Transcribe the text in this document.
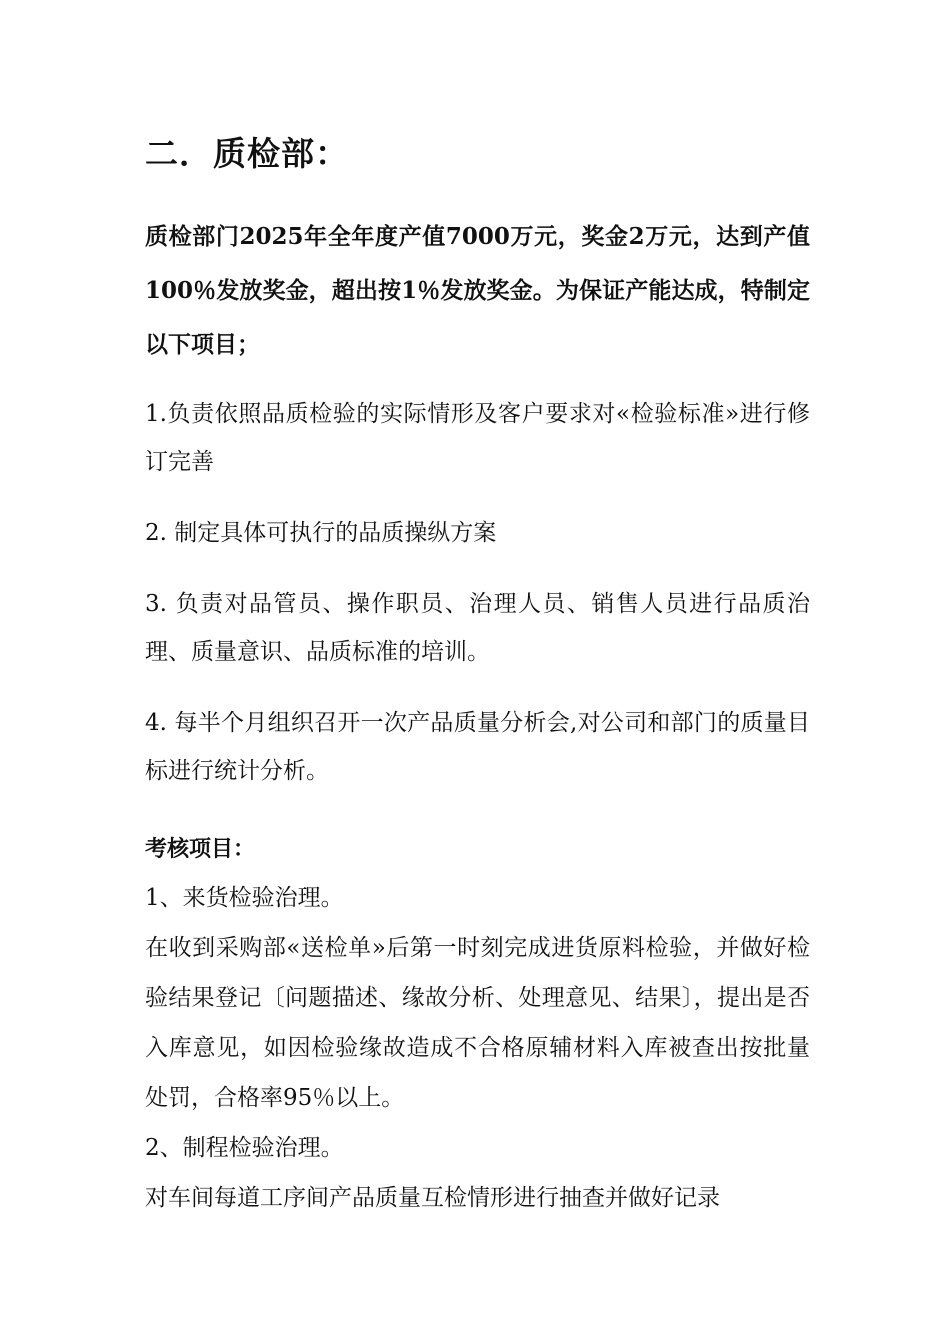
二．质检部：

质检部门2025年全年度产值7000万元，奖金2万元，达到产值100％发放奖金，超出按1％发放奖金。为保证产能达成，特制定以下项目；

1.负责依照品质检验的实际情形及客户要求对«检验标准»进行修订完善

2. 制定具体可执行的品质操纵方案

3. 负责对品管员、操作职员、治理人员、销售人员进行品质治理、质量意识、品质标准的培训。

4. 每半个月组织召开一次产品质量分析会,对公司和部门的质量目标进行统计分析。

考核项目：

1、来货检验治理。

在收到采购部«送检单»后第一时刻完成进货原料检验，并做好检验结果登记〔问题描述、缘故分析、处理意见、结果〕，提出是否入库意见，如因检验缘故造成不合格原辅材料入库被查出按批量处罚，合格率95％以上。

2、制程检验治理。

对车间每道工序间产品质量互检情形进行抽查并做好记录
